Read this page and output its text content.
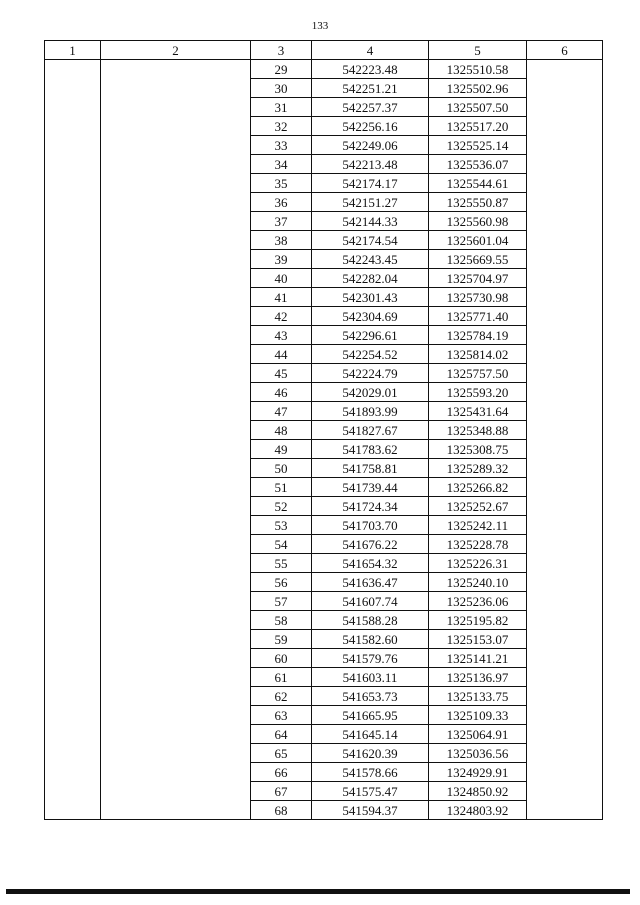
133
1	2	3	4	5	6
		29	542223.48	1325510.58	
		30	542251.21	1325502.96	
		31	542257.37	1325507.50	
		32	542256.16	1325517.20	
		33	542249.06	1325525.14	
		34	542213.48	1325536.07	
		35	542174.17	1325544.61	
		36	542151.27	1325550.87	
		37	542144.33	1325560.98	
		38	542174.54	1325601.04	
		39	542243.45	1325669.55	
		40	542282.04	1325704.97	
		41	542301.43	1325730.98	
		42	542304.69	1325771.40	
		43	542296.61	1325784.19	
		44	542254.52	1325814.02	
		45	542224.79	1325757.50	
		46	542029.01	1325593.20	
		47	541893.99	1325431.64	
		48	541827.67	1325348.88	
		49	541783.62	1325308.75	
		50	541758.81	1325289.32	
		51	541739.44	1325266.82	
		52	541724.34	1325252.67	
		53	541703.70	1325242.11	
		54	541676.22	1325228.78	
		55	541654.32	1325226.31	
		56	541636.47	1325240.10	
		57	541607.74	1325236.06	
		58	541588.28	1325195.82	
		59	541582.60	1325153.07	
		60	541579.76	1325141.21	
		61	541603.11	1325136.97	
		62	541653.73	1325133.75	
		63	541665.95	1325109.33	
		64	541645.14	1325064.91	
		65	541620.39	1325036.56	
		66	541578.66	1324929.91	
		67	541575.47	1324850.92	
		68	541594.37	1324803.92	
